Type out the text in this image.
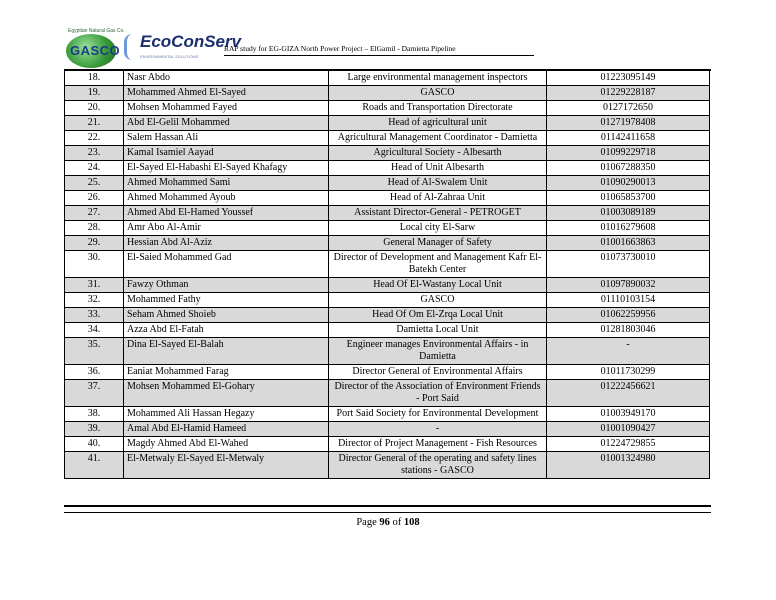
Egyptian Natural Gas Co.
GASCO EcoConServ
ENVIRONMENTAL SOLUTIONS
RAP study for EG-GIZA North Power Project – ElGamil - Damietta Pipeline
18.	Nasr Abdo	Large environmental management inspectors	01223095149
19.	Mohammed Ahmed El-Sayed	GASCO	01229228187
20.	Mohsen Mohammed Fayed	Roads and Transportation Directorate	0127172650
21.	Abd El-Gelil Mohammed	Head of agricultural unit	01271978408
22.	Salem Hassan Ali	Agricultural Management Coordinator - Damietta	01142411658
23.	Kamal Isamiel Aayad	Agricultural Society - Albesarth	01099229718
24.	El-Sayed El-Habashi El-Sayed Khafagy	Head of Unit Albesarth	01067288350
25.	Ahmed Mohammed Sami	Head of Al-Swalem Unit	01090290013
26.	Ahmed Mohammed Ayoub	Head of Al-Zahraa Unit	01065853700
27.	Ahmed Abd El-Hamed Youssef	Assistant Director-General - PETROGET	01003089189
28.	Amr Abo Al-Amir	Local city El-Sarw	01016279608
29.	Hessian Abd Al-Aziz	General Manager of Safety	01001663863
30.	El-Saied Mohammed Gad	Director of Development and Management Kafr El-Batekh Center	01073730010
31.	Fawzy Othman	Head Of El-Wastany Local Unit	01097890032
32.	Mohammed Fathy	GASCO	01110103154
33.	Seham Ahmed Shoieb	Head Of Om El-Zrqa Local Unit	01062259956
34.	Azza Abd El-Fatah	Damietta Local Unit	01281803046
35.	Dina El-Sayed El-Balah	Engineer manages Environmental Affairs - in Damietta	-
36.	Eaniat Mohammed Farag	Director General of Environmental Affairs	01011730299
37.	Mohsen Mohammed El-Gohary	Director of the Association of Environment Friends - Port Said	01222456621
38.	Mohammed Ali Hassan Hegazy	Port Said Society for Environmental Development	01003949170
39.	Amal Abd El-Hamid Hameed	-	01001090427
40.	Magdy Ahmed Abd El-Wahed	Director of Project Management - Fish Resources	01224729855
41.	El-Metwaly El-Sayed El-Metwaly	Director General of the operating and safety lines stations - GASCO	01001324980
Page 96 of 108
